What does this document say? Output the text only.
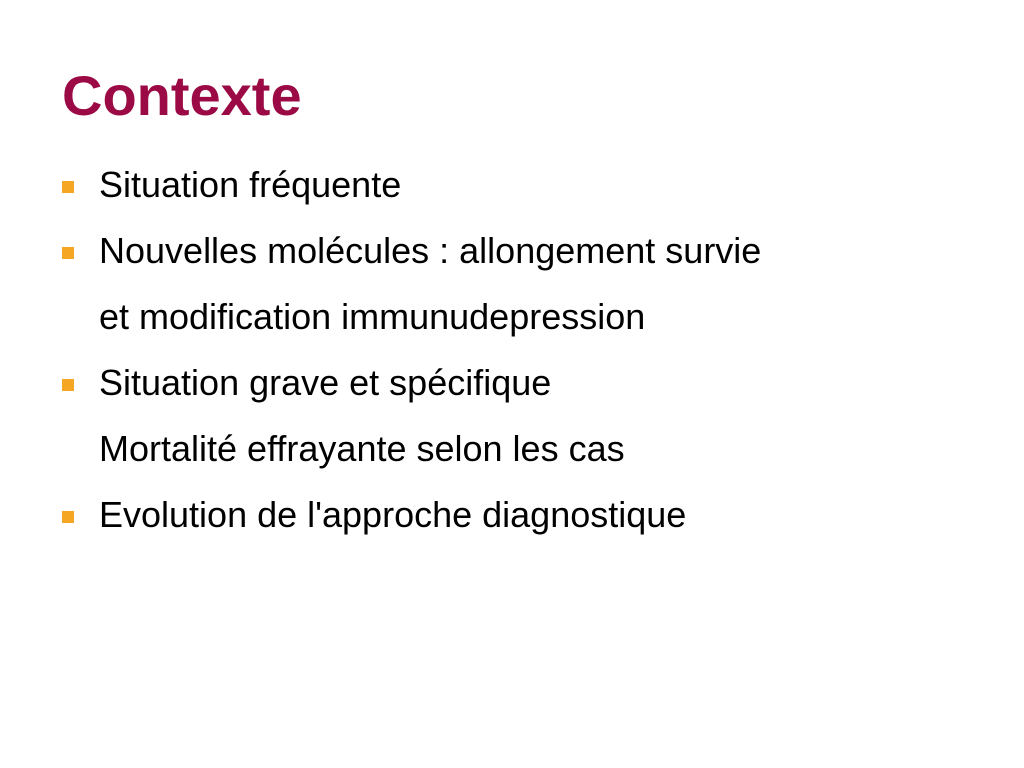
Contexte
Situation fréquente
Nouvelles molécules : allongement survie
et modification immunudepression
Situation grave et spécifique
Mortalité effrayante selon les cas
Evolution de l'approche diagnostique
